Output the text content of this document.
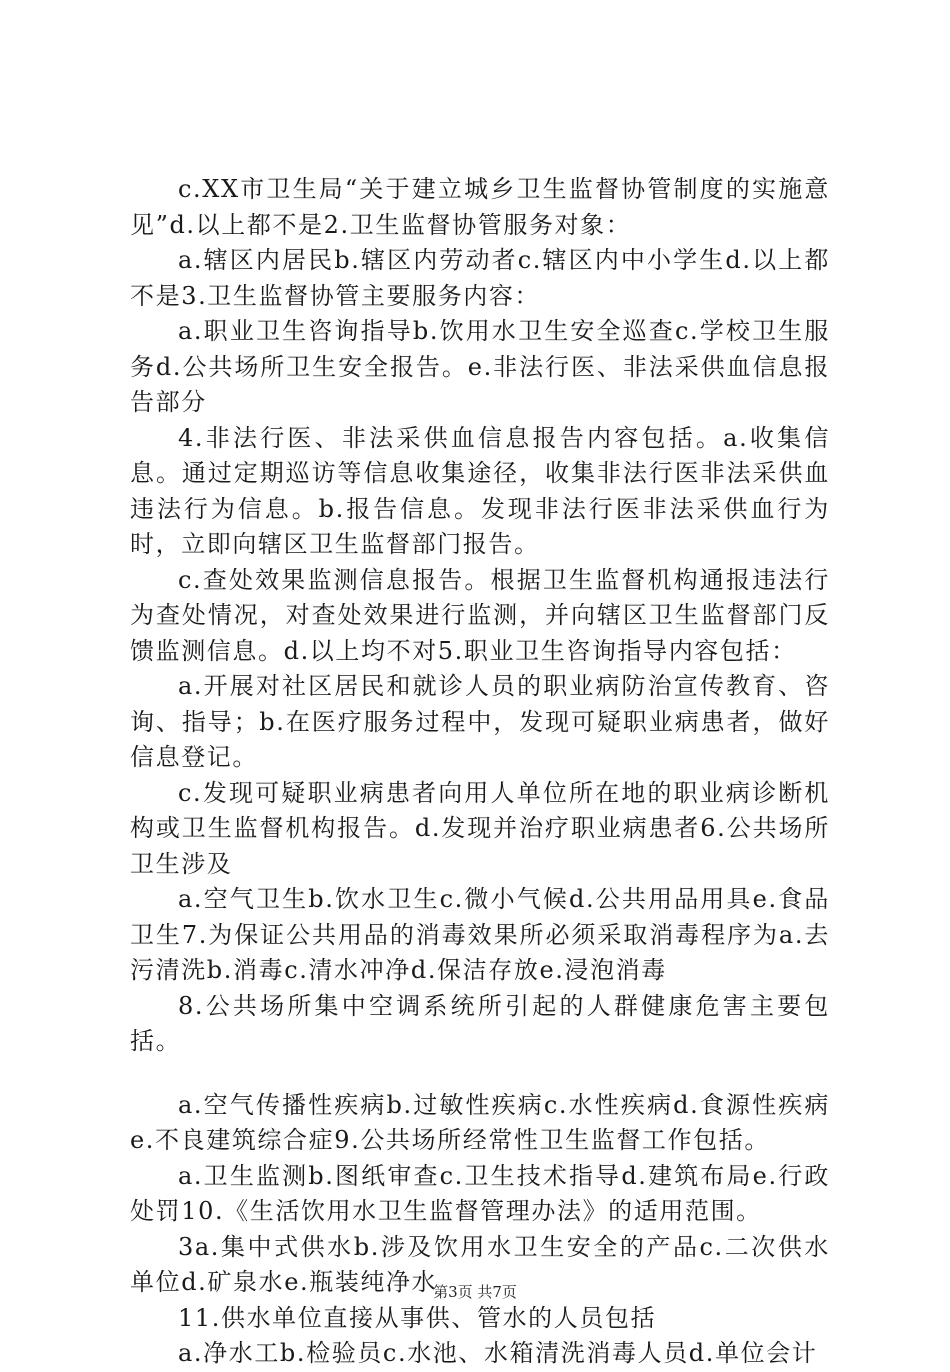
c.XX市卫生局“关于建立城乡卫生监督协管制度的实施意见”d.以上都不是2.卫生监督协管服务对象：

a.辖区内居民b.辖区内劳动者c.辖区内中小学生d.以上都不是3.卫生监督协管主要服务内容：

a.职业卫生咨询指导b.饮用水卫生安全巡查c.学校卫生服务d.公共场所卫生安全报告。e.非法行医、非法采供血信息报告部分

4.非法行医、非法采供血信息报告内容包括。a.收集信息。通过定期巡访等信息收集途径，收集非法行医非法采供血违法行为信息。b.报告信息。发现非法行医非法采供血行为时，立即向辖区卫生监督部门报告。

c.查处效果监测信息报告。根据卫生监督机构通报违法行为查处情况，对查处效果进行监测，并向辖区卫生监督部门反馈监测信息。d.以上均不对5.职业卫生咨询指导内容包括：

a.开展对社区居民和就诊人员的职业病防治宣传教育、咨询、指导；b.在医疗服务过程中，发现可疑职业病患者，做好信息登记。

c.发现可疑职业病患者向用人单位所在地的职业病诊断机构或卫生监督机构报告。d.发现并治疗职业病患者6.公共场所卫生涉及

a.空气卫生b.饮水卫生c.微小气候d.公共用品用具e.食品卫生7.为保证公共用品的消毒效果所必须采取消毒程序为a.去污清洗b.消毒c.清水冲净d.保洁存放e.浸泡消毒

8.公共场所集中空调系统所引起的人群健康危害主要包括。

a.空气传播性疾病b.过敏性疾病c.水性疾病d.食源性疾病e.不良建筑综合症9.公共场所经常性卫生监督工作包括。

a.卫生监测b.图纸审查c.卫生技术指导d.建筑布局e.行政处罚10.《生活饮用水卫生监督管理办法》的适用范围。

3a.集中式供水b.涉及饮用水卫生安全的产品c.二次供水单位d.矿泉水e.瓶装纯净水

11.供水单位直接从事供、管水的人员包括

a.净水工b.检验员c.水池、水箱清洗消毒人员d.单位会计

第3页 共7页
